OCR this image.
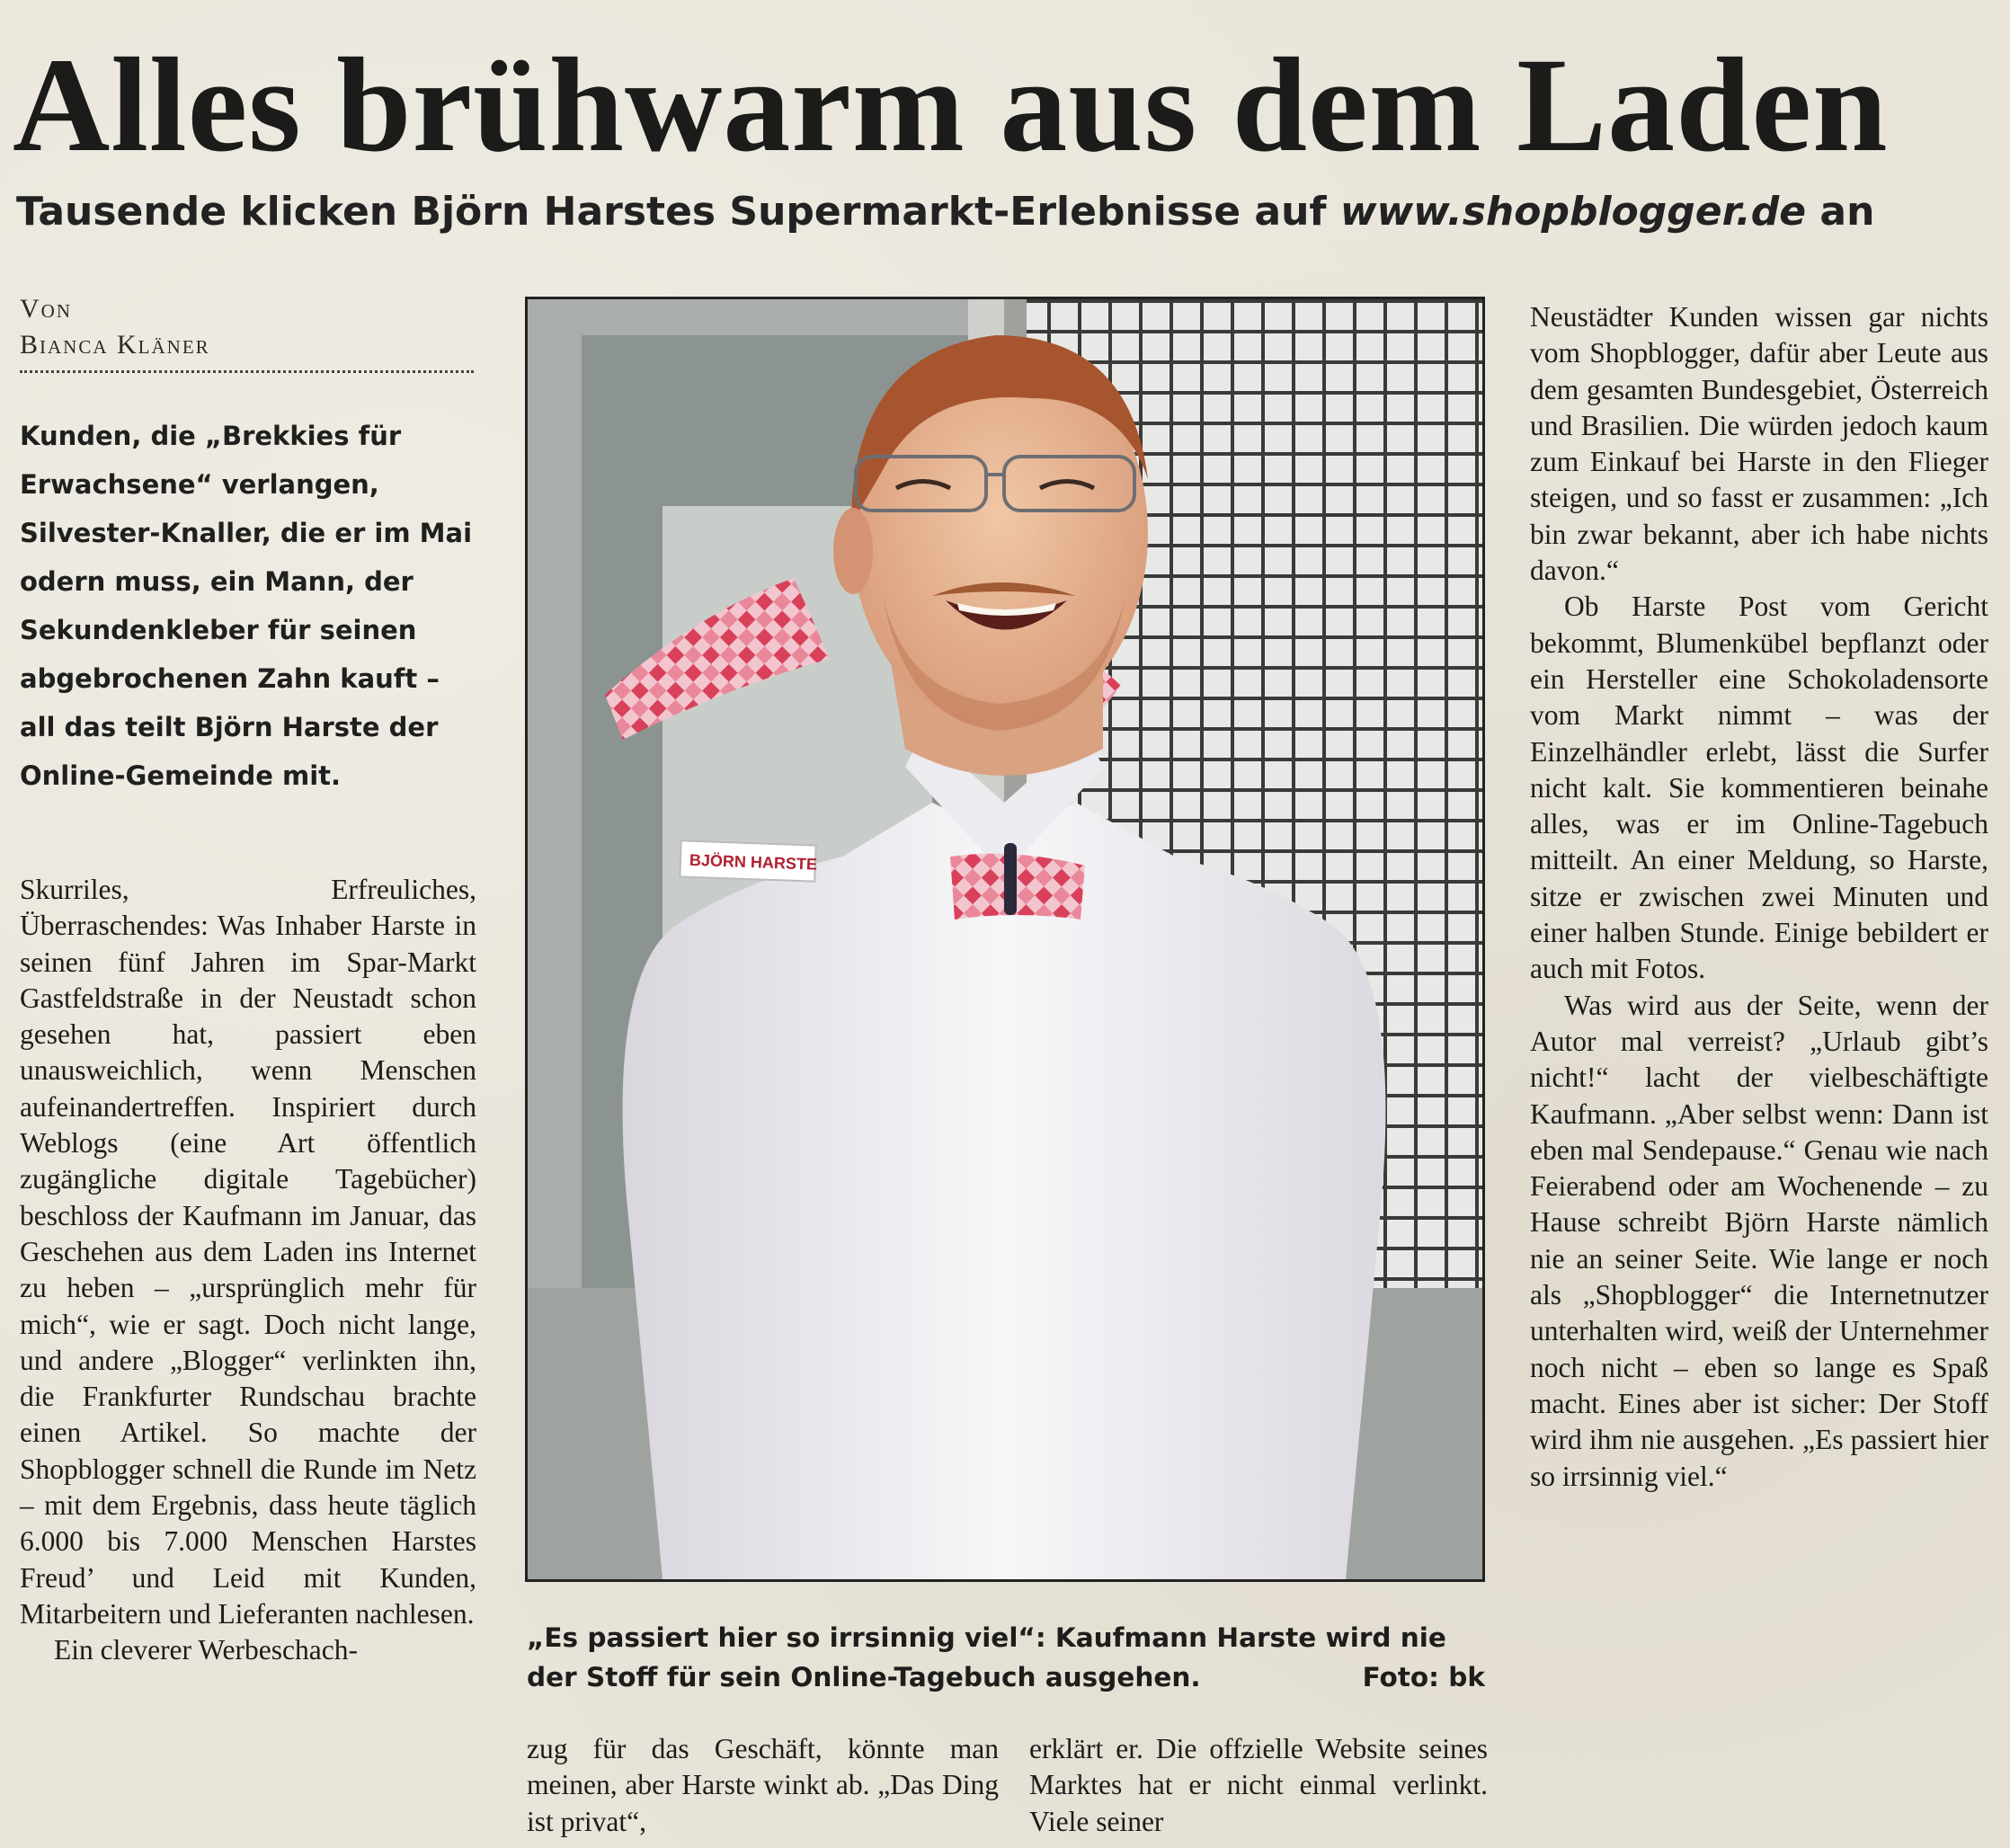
Alles brühwarm aus dem Laden
Tausende klicken Björn Harstes Supermarkt-Erlebnisse auf www.shopblogger.de an
Von
Bianca Kläner
Kunden, die „Brekkies für Erwachsene“ verlangen, Silvester-Knaller, die er im Mai odern muss, ein Mann, der Sekundenkleber für seinen abgebrochenen Zahn kauft – all das teilt Björn Harste der Online-Gemeinde mit.

Skurriles, Erfreuliches, Überraschendes: Was Inhaber Harste in seinen fünf Jahren im Spar-Markt Gastfeldstraße in der Neustadt schon gesehen hat, passiert eben unausweichlich, wenn Menschen aufeinandertreffen. Inspiriert durch Weblogs (eine Art öffentlich zugängliche digitale Tagebücher) beschloss der Kaufmann im Januar, das Geschehen aus dem Laden ins Internet zu heben – „ursprünglich mehr für mich“, wie er sagt. Doch nicht lange, und andere „Blogger“ verlinkten ihn, die Frankfurter Rundschau brachte einen Artikel. So machte der Shopblogger schnell die Runde im Netz – mit dem Ergebnis, dass heute täglich 6.000 bis 7.000 Menschen Harstes Freud’ und Leid mit Kunden, Mitarbeitern und Lieferanten nachlesen.

Ein cleverer Werbeschach-

BJÖRN HARSTE
„Es passiert hier so irrsinnig viel“: Kaufmann Harste wird nie der Stoff für sein Online-Tagebuch ausgehen.	Foto: bk

zug für das Geschäft, könnte man meinen, aber Harste winkt ab. „Das Ding ist privat“,

erklärt er. Die offzielle Website seines Marktes hat er nicht einmal verlinkt. Viele seiner

Neustädter Kunden wissen gar nichts vom Shopblogger, dafür aber Leute aus dem gesamten Bundesgebiet, Österreich und Brasilien. Die würden jedoch kaum zum Einkauf bei Harste in den Flieger steigen, und so fasst er zusammen: „Ich bin zwar bekannt, aber ich habe nichts davon.“

Ob Harste Post vom Gericht bekommt, Blumenkübel bepflanzt oder ein Hersteller eine Schokoladensorte vom Markt nimmt – was der Einzelhändler erlebt, lässt die Surfer nicht kalt. Sie kommentieren beinahe alles, was er im Online-Tagebuch mitteilt. An einer Meldung, so Harste, sitze er zwischen zwei Minuten und einer halben Stunde. Einige bebildert er auch mit Fotos.

Was wird aus der Seite, wenn der Autor mal verreist? „Urlaub gibt’s nicht!“ lacht der vielbeschäftigte Kaufmann. „Aber selbst wenn: Dann ist eben mal Sendepause.“ Genau wie nach Feierabend oder am Wochenende – zu Hause schreibt Björn Harste nämlich nie an seiner Seite. Wie lange er noch als „Shopblogger“ die Internetnutzer unterhalten wird, weiß der Unternehmer noch nicht – eben so lange es Spaß macht. Eines aber ist sicher: Der Stoff wird ihm nie ausgehen. „Es passiert hier so irrsinnig viel.“
